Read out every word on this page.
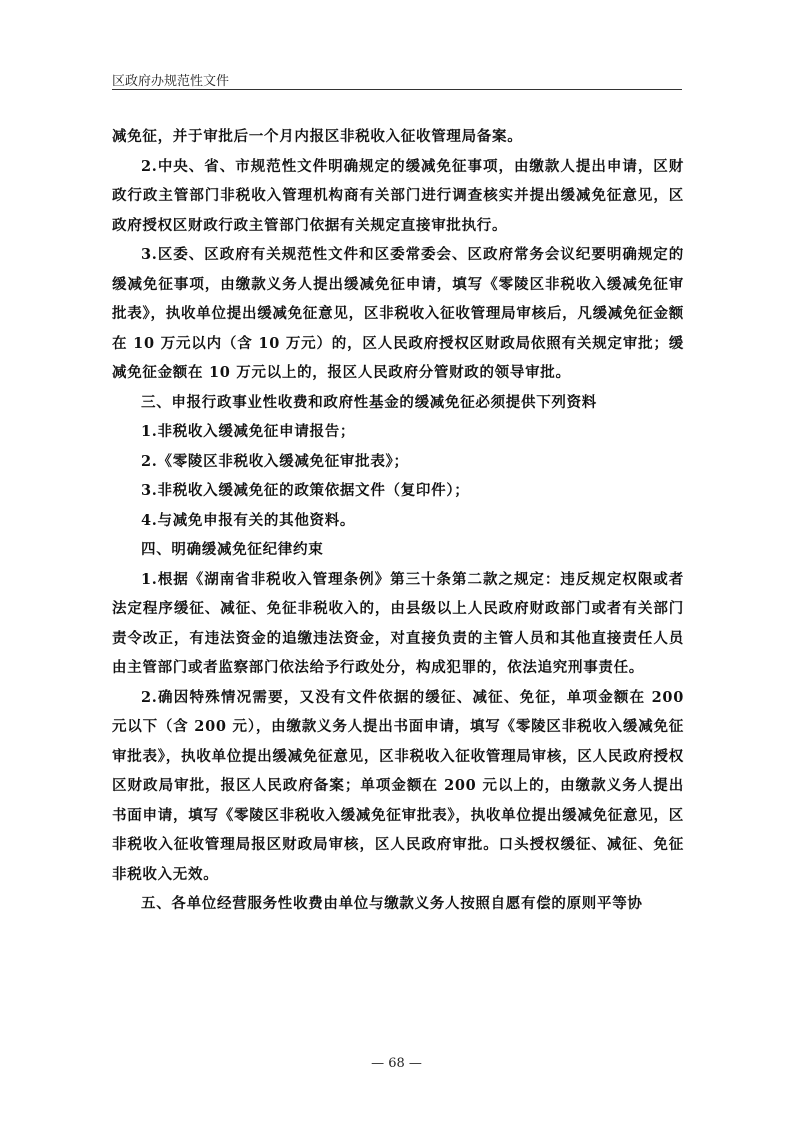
区政府办规范性文件

减免征，并于审批后一个月内报区非税收入征收管理局备案。

2.中央、省、市规范性文件明确规定的缓减免征事项，由缴款人提出申请，区财政行政主管部门非税收入管理机构商有关部门进行调查核实并提出缓减免征意见，区政府授权区财政行政主管部门依据有关规定直接审批执行。

3.区委、区政府有关规范性文件和区委常委会、区政府常务会议纪要明确规定的缓减免征事项，由缴款义务人提出缓减免征申请，填写《零陵区非税收入缓减免征审批表》，执收单位提出缓减免征意见，区非税收入征收管理局审核后，凡缓减免征金额在 10 万元以内（含 10 万元）的，区人民政府授权区财政局依照有关规定审批；缓减免征金额在 10 万元以上的，报区人民政府分管财政的领导审批。

三、申报行政事业性收费和政府性基金的缓减免征必须提供下列资料

1.非税收入缓减免征申请报告；

2.《零陵区非税收入缓减免征审批表》；

3.非税收入缓减免征的政策依据文件（复印件）；

4.与减免申报有关的其他资料。

四、明确缓减免征纪律约束

1.根据《湖南省非税收入管理条例》第三十条第二款之规定：违反规定权限或者法定程序缓征、减征、免征非税收入的，由县级以上人民政府财政部门或者有关部门责令改正，有违法资金的追缴违法资金，对直接负责的主管人员和其他直接责任人员由主管部门或者监察部门依法给予行政处分，构成犯罪的，依法追究刑事责任。

2.确因特殊情况需要，又没有文件依据的缓征、减征、免征，单项金额在 200 元以下（含 200 元），由缴款义务人提出书面申请，填写《零陵区非税收入缓减免征审批表》，执收单位提出缓减免征意见，区非税收入征收管理局审核，区人民政府授权区财政局审批，报区人民政府备案；单项金额在 200 元以上的，由缴款义务人提出书面申请，填写《零陵区非税收入缓减免征审批表》，执收单位提出缓减免征意见，区非税收入征收管理局报区财政局审核，区人民政府审批。口头授权缓征、减征、免征非税收入无效。

五、各单位经营服务性收费由单位与缴款义务人按照自愿有偿的原则平等协

— 68 —
